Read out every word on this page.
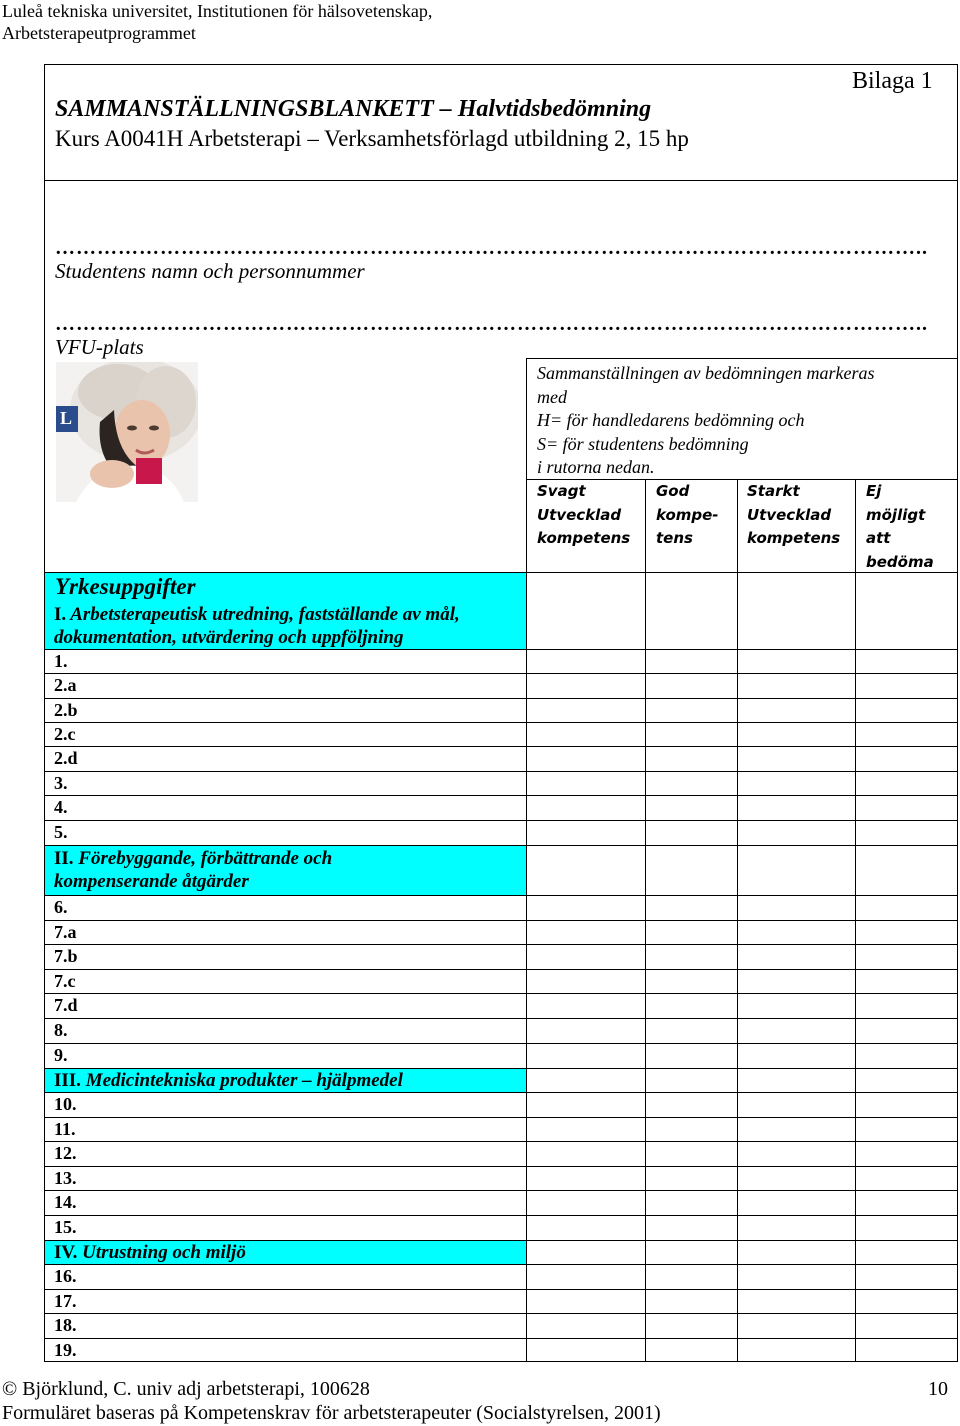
Luleå tekniska universitet, Institutionen för hälsovetenskap,
Arbetsterapeutprogrammet
Bilaga 1
SAMMANSTÄLLNINGSBLANKETT – Halvtidsbedömning
Kurs A0041H Arbetsterapi – Verksamhetsförlagd utbildning 2, 15 hp
……………………………………………………………………………………………………………..
Studentens namn och personnummer
……………………………………………………………………………………………………………..
VFU-plats
L
Sammanställningen av bedömningen markeras
med
H= för handledarens bedömning och
S= för studentens bedömning
i rutorna nedan.
Svagt
Utvecklad
kompetens
God
kompe-
tens
Starkt
Utvecklad
kompetens
Ej
möjligt
att
bedöma
Yrkesuppgifter
I. Arbetsterapeutisk utredning, fastställande av mål,
dokumentation, utvärdering och uppföljning
II. Förebyggande, förbättrande och
kompenserande åtgärder
III. Medicintekniska produkter – hjälpmedel
IV. Utrustning och miljö
1.
2.a
2.b
2.c
2.d
3.
4.
5.
6.
7.a
7.b
7.c
7.d
8.
9.
10.
11.
12.
13.
14.
15.
16.
17.
18.
19.
© Björklund, C. univ adj arbetsterapi, 100628	10
Formuläret baseras på Kompetenskrav för arbetsterapeuter (Socialstyrelsen, 2001)
